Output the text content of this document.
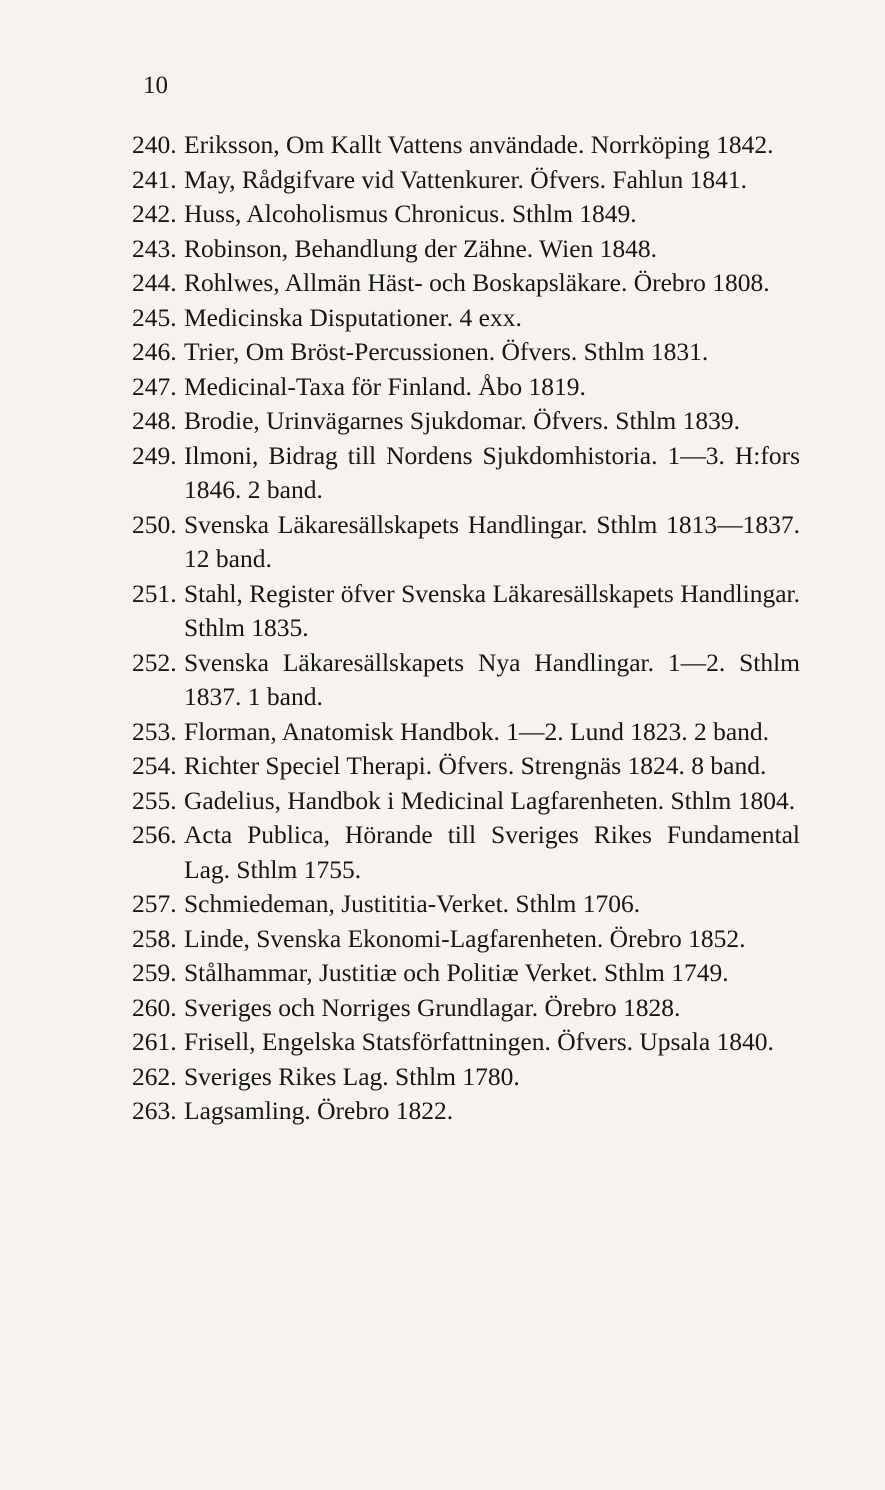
10
240. Eriksson, Om Kallt Vattens användade. Norrköping 1842.
241. May, Rådgifvare vid Vattenkurer. Öfvers. Fahlun 1841.
242. Huss, Alcoholismus Chronicus. Sthlm 1849.
243. Robinson, Behandlung der Zähne. Wien 1848.
244. Rohlwes, Allmän Häst- och Boskapsläkare. Örebro 1808.
245. Medicinska Disputationer. 4 exx.
246. Trier, Om Bröst-Percussionen. Öfvers. Sthlm 1831.
247. Medicinal-Taxa för Finland. Åbo 1819.
248. Brodie, Urinvägarnes Sjukdomar. Öfvers. Sthlm 1839.
249. Ilmoni, Bidrag till Nordens Sjukdomhistoria. 1—3. H:fors 1846. 2 band.
250. Svenska Läkaresällskapets Handlingar. Sthlm 1813—1837. 12 band.
251. Stahl, Register öfver Svenska Läkaresällskapets Handlingar. Sthlm 1835.
252. Svenska Läkaresällskapets Nya Handlingar. 1—2. Sthlm 1837. 1 band.
253. Florman, Anatomisk Handbok. 1—2. Lund 1823. 2 band.
254. Richter Speciel Therapi. Öfvers. Strengnäs 1824. 8 band.
255. Gadelius, Handbok i Medicinal Lagfarenheten. Sthlm 1804.
256. Acta Publica, Hörande till Sveriges Rikes Fundamental Lag. Sthlm 1755.
257. Schmiedeman, Justititia-Verket. Sthlm 1706.
258. Linde, Svenska Ekonomi-Lagfarenheten. Örebro 1852.
259. Stålhammar, Justitiæ och Politiæ Verket. Sthlm 1749.
260. Sveriges och Norriges Grundlagar. Örebro 1828.
261. Frisell, Engelska Statsförfattningen. Öfvers. Upsala 1840.
262. Sveriges Rikes Lag. Sthlm 1780.
263. Lagsamling. Örebro 1822.
